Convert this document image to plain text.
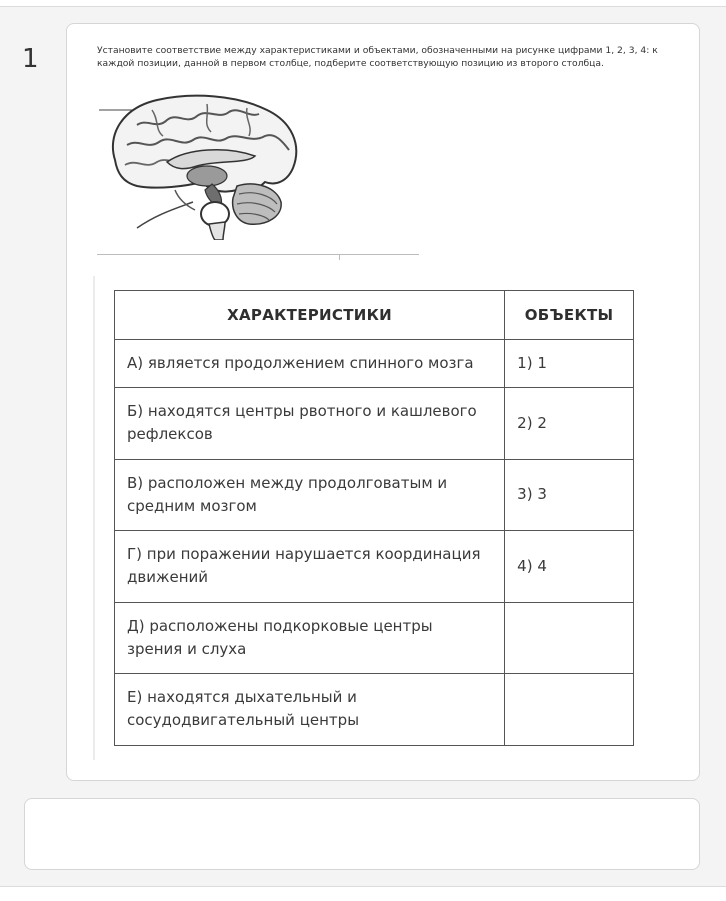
1	Установите соответствие между характеристиками и объектами, обозначенными на рисунке цифрами 1, 2, 3, 4: к каждой позиции, данной в первом столбце, подберите соответствующую позицию из второго столбца.
ХАРАКТЕРИСТИКИ	ОБЪЕКТЫ
А) является продолжением спинного мозга	1) 1
Б) находятся центры рвотного и кашлевого рефлексов	2) 2
В) расположен между продолговатым и средним мозгом	3) 3
Г) при поражении нарушается координация движений	4) 4
Д) расположены подкорковые центры зрения и слуха	
Е) находятся дыхательный и сосудодвигательный центры	
